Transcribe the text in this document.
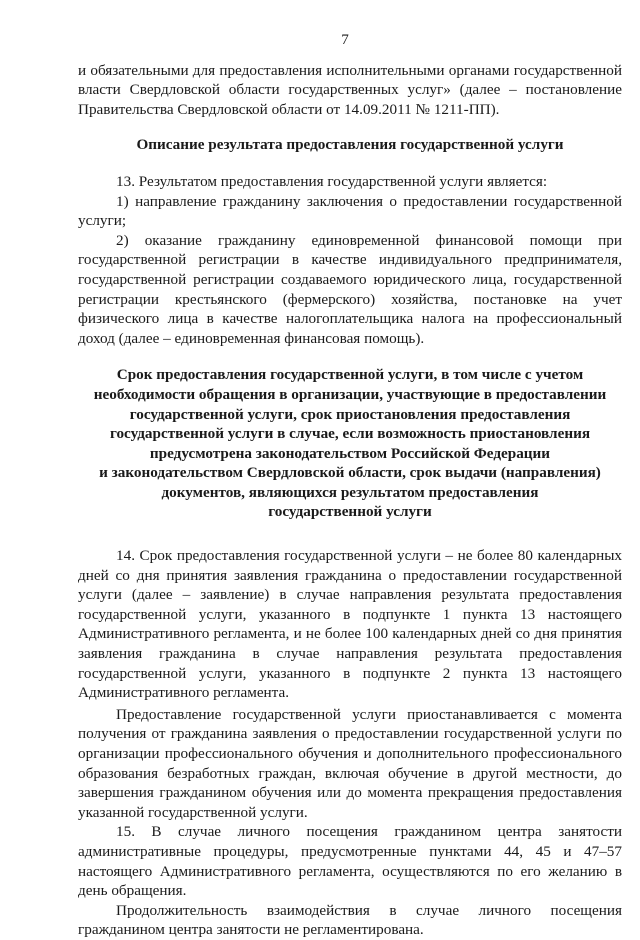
7

и обязательными для предоставления исполнительными органами государственной власти Свердловской области государственных услуг» (далее – постановление Правительства Свердловской области от 14.09.2011 № 1211-ПП).

Описание результата предоставления государственной услуги

13. Результатом предоставления государственной услуги является:

1) направление гражданину заключения о предоставлении государственной услуги;

2) оказание гражданину единовременной финансовой помощи при государственной регистрации в качестве индивидуального предпринимателя, государственной регистрации создаваемого юридического лица, государственной регистрации крестьянского (фермерского) хозяйства, постановке на учет физического лица в качестве налогоплательщика налога на профессиональный доход (далее – единовременная финансовая помощь).

Срок предоставления государственной услуги, в том числе с учетом
необходимости обращения в организации, участвующие в предоставлении
государственной услуги, срок приостановления предоставления
государственной услуги в случае, если возможность приостановления
предусмотрена законодательством Российской Федерации
и законодательством Свердловской области, срок выдачи (направления)
документов, являющихся результатом предоставления
государственной услуги

14. Срок предоставления государственной услуги – не более 80 календарных дней со дня принятия заявления гражданина о предоставлении государственной услуги (далее – заявление) в случае направления результата предоставления государственной услуги, указанного в подпункте 1 пункта 13 настоящего Административного регламента, и не более 100 календарных дней со дня принятия заявления гражданина в случае направления результата предоставления государственной услуги, указанного в подпункте 2 пункта 13 настоящего Административного регламента.

Предоставление государственной услуги приостанавливается с момента получения от гражданина заявления о предоставлении государственной услуги по организации профессионального обучения и дополнительного профессионального образования безработных граждан, включая обучение в другой местности, до завершения гражданином обучения или до момента прекращения предоставления указанной государственной услуги.

15. В случае личного посещения гражданином центра занятости административные процедуры, предусмотренные пунктами 44, 45 и 47–57 настоящего Административного регламента, осуществляются по его желанию в день обращения.

Продолжительность взаимодействия в случае личного посещения гражданином центра занятости не регламентирована.
